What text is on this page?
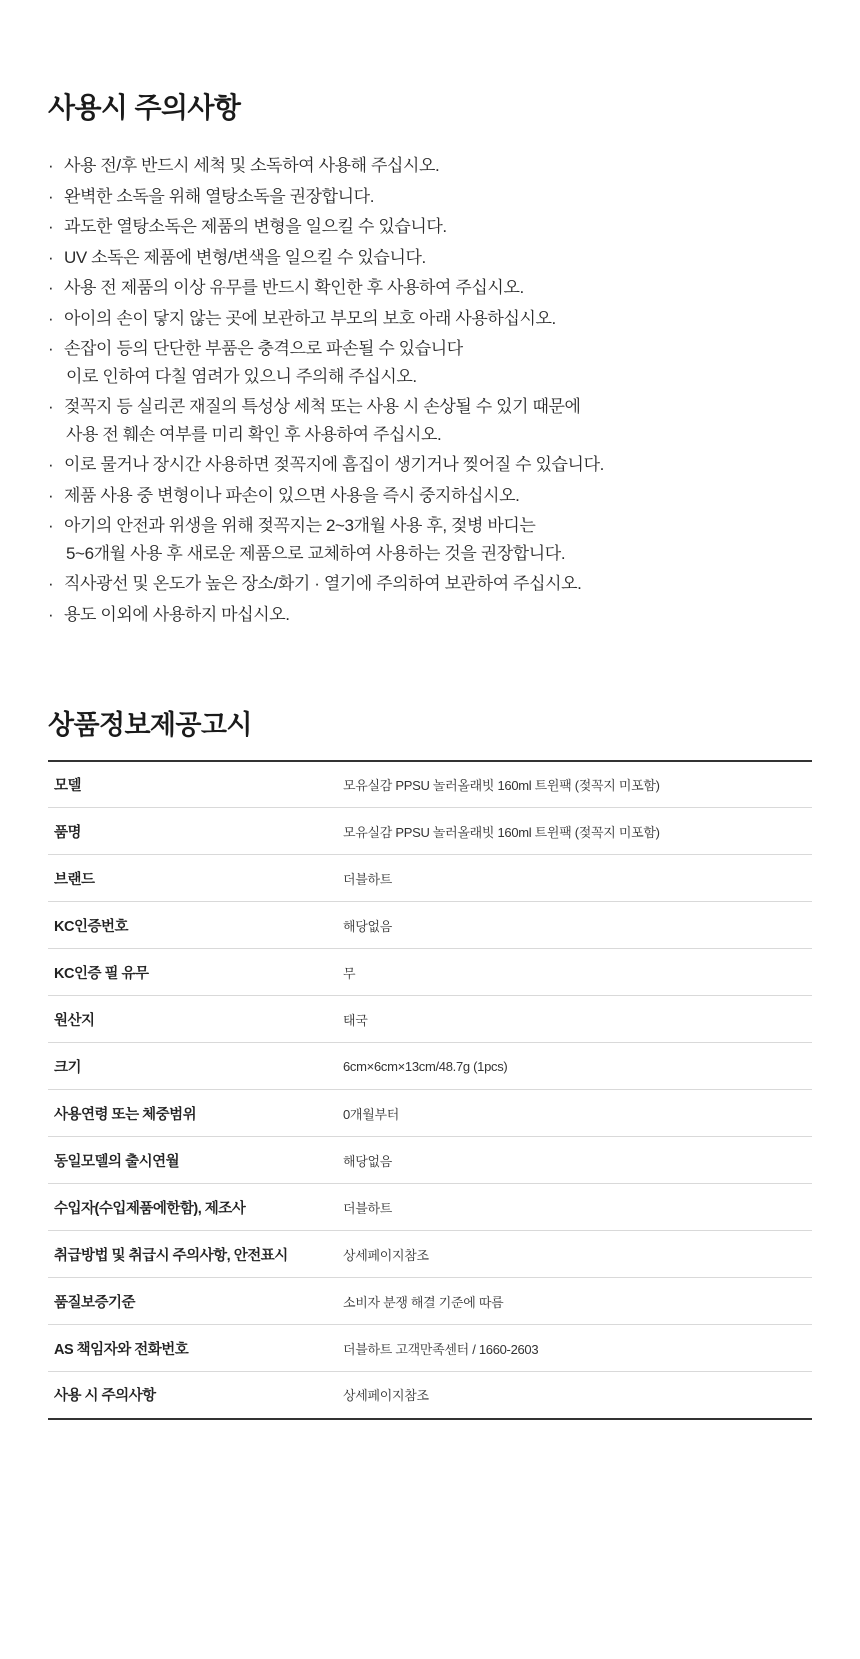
사용시 주의사항
· 사용 전/후 반드시 세척 및 소독하여 사용해 주십시오.
· 완벽한 소독을 위해 열탕소독을 권장합니다.
· 과도한 열탕소독은 제품의 변형을 일으킬 수 있습니다.
· UV 소독은 제품에 변형/변색을 일으킬 수 있습니다.
· 사용 전 제품의 이상 유무를 반드시 확인한 후 사용하여 주십시오.
· 아이의 손이 닿지 않는 곳에 보관하고 부모의 보호 아래 사용하십시오.
· 손잡이 등의 단단한 부품은 충격으로 파손될 수 있습니다
이로 인하여 다칠 염려가 있으니 주의해 주십시오.
· 젖꼭지 등 실리콘 재질의 특성상 세척 또는 사용 시 손상될 수 있기 때문에
사용 전 훼손 여부를 미리 확인 후 사용하여 주십시오.
· 이로 물거나 장시간 사용하면 젖꼭지에 흠집이 생기거나 찢어질 수 있습니다.
· 제품 사용 중 변형이나 파손이 있으면 사용을 즉시 중지하십시오.
· 아기의 안전과 위생을 위해 젖꼭지는 2~3개월 사용 후, 젖병 바디는
5~6개월 사용 후 새로운 제품으로 교체하여 사용하는 것을 권장합니다.
· 직사광선 및 온도가 높은 장소/화기 · 열기에 주의하여 보관하여 주십시오.
· 용도 이외에 사용하지 마십시오.
상품정보제공고시
모델	모유실감 PPSU 놀러올래빗 160ml 트윈팩 (젖꼭지 미포함)
품명	모유실감 PPSU 놀러올래빗 160ml 트윈팩 (젖꼭지 미포함)
브랜드	더블하트
KC인증번호	해당없음
KC인증 필 유무	무
원산지	태국
크기	6cm×6cm×13cm/48.7g (1pcs)
사용연령 또는 체중범위	0개월부터
동일모델의 출시연월	해당없음
수입자(수입제품에한함), 제조사	더블하트
취급방법 및 취급시 주의사항, 안전표시	상세페이지참조
품질보증기준	소비자 분쟁 해결 기준에 따름
AS 책임자와 전화번호	더블하트 고객만족센터 / 1660-2603
사용 시 주의사항	상세페이지참조
